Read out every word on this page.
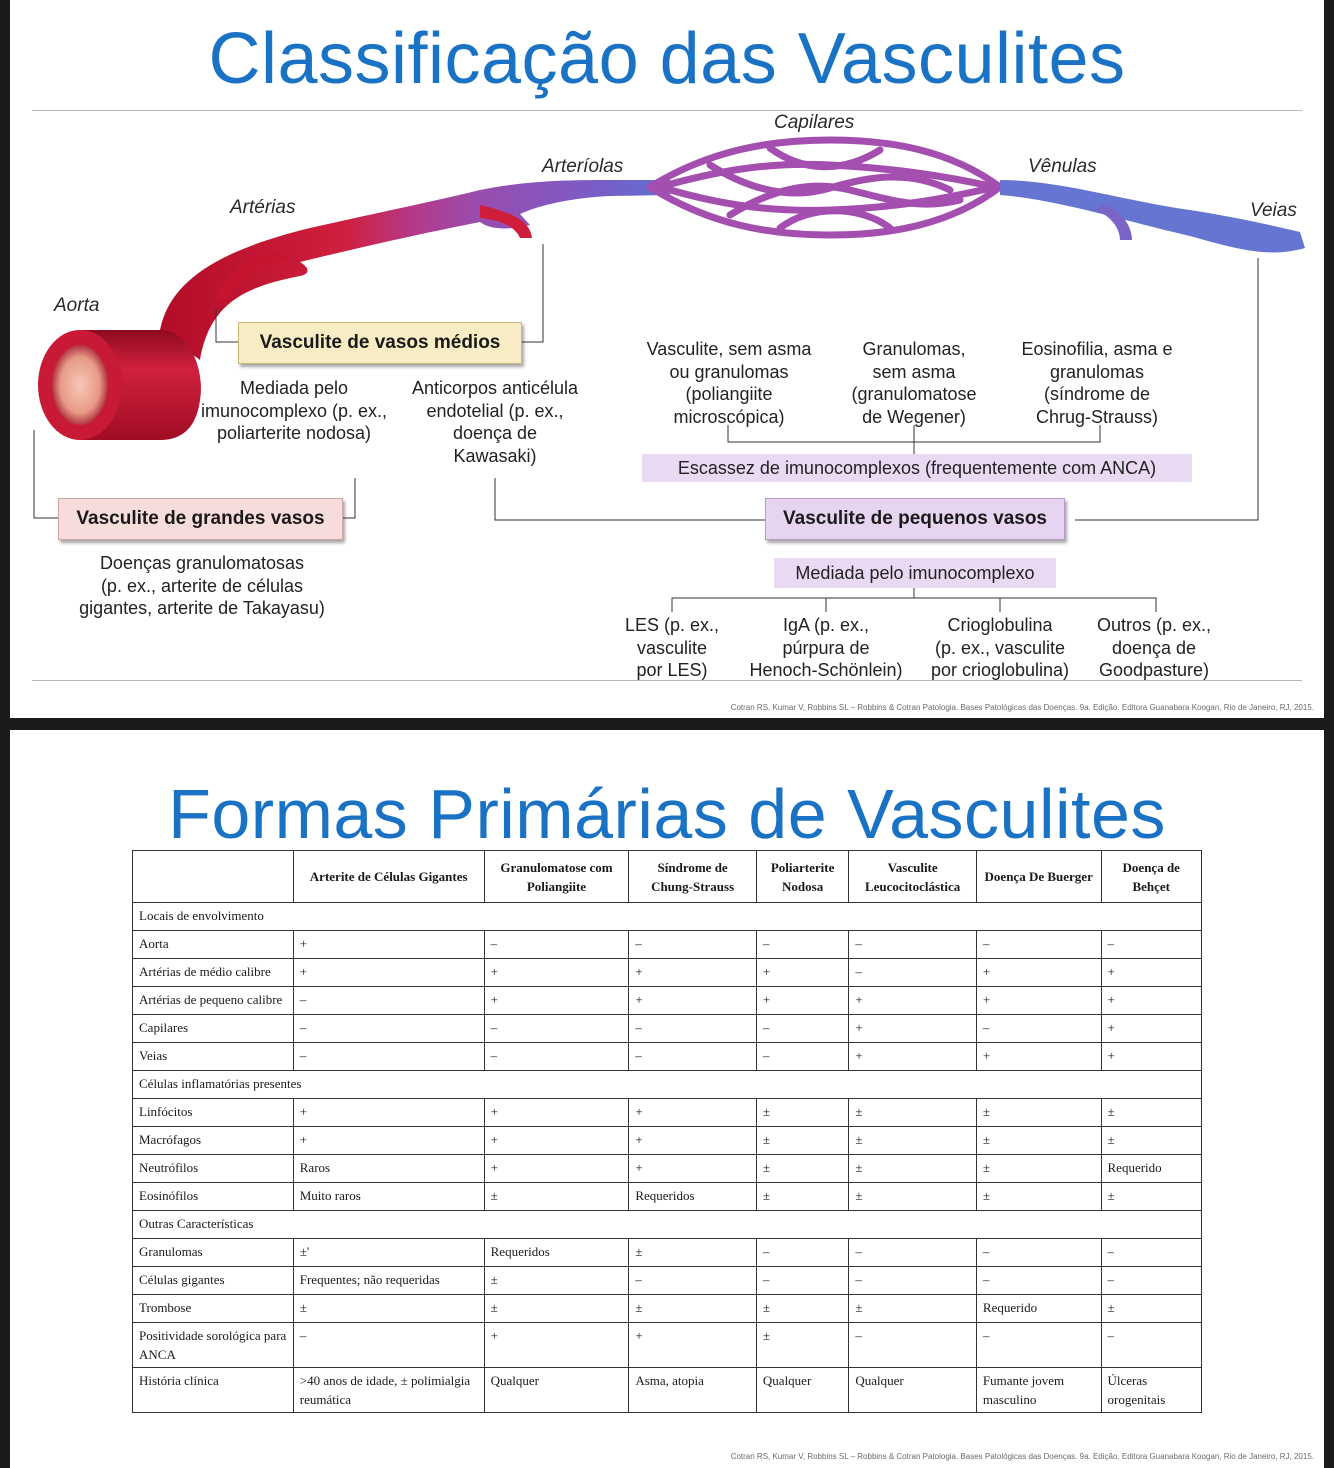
Classificação das Vasculites
Aorta
Artérias
Arteríolas
Capilares
Vênulas
Veias
Vasculite de vasos médios
Mediada pelo
imunocomplexo (p. ex.,
poliarterite nodosa)
Anticorpos anticélula
endotelial (p. ex.,
doença de
Kawasaki)
Vasculite de grandes vasos
Doenças granulomatosas
(p. ex., arterite de células
gigantes, arterite de Takayasu)
Vasculite, sem asma
ou granulomas
(poliangiite
microscópica)
Granulomas,
sem asma
(granulomatose
de Wegener)
Eosinofilia, asma e
granulomas
(síndrome de
Chrug-Strauss)
Escassez de imunocomplexos (frequentemente com ANCA)
Vasculite de pequenos vasos
Mediada pelo imunocomplexo
LES (p. ex.,
vasculite
por LES)
IgA (p. ex.,
púrpura de
Henoch-Schönlein)
Crioglobulina
(p. ex., vasculite
por crioglobulina)
Outros (p. ex.,
doença de
Goodpasture)
Cotran RS, Kumar V, Robbins SL – Robbins & Cotran Patologia. Bases Patológicas das Doenças. 9a. Edição. Editora Guanabara Koogan, Rio de Janeiro, RJ, 2015.
Formas Primárias de Vasculites
	Arterite de Células Gigantes	Granulomatose com Poliangiite	Síndrome de Chung-Strauss	Poliarterite Nodosa	Vasculite Leucocitoclástica	Doença De Buerger	Doença de Behçet
Locais de envolvimento							
Aorta	+	–	–	–	–	–	–
Artérias de médio calibre	+	+	+	+	–	+	+
Artérias de pequeno calibre	–	+	+	+	+	+	+
Capilares	–	–	–	–	+	–	+
Veias	–	–	–	–	+	+	+
Células inflamatórias presentes							
Linfócitos	+	+	+	±	±	±	±
Macrófagos	+	+	+	±	±	±	±
Neutrófilos	Raros	+	+	±	±	±	Requerido
Eosinófilos	Muito raros	±	Requeridos	±	±	±	±
Outras Características							
Granulomas	±'	Requeridos	±	–	–	–	–
Células gigantes	Frequentes; não requeridas	±	–	–	–	–	–
Trombose	±	±	±	±	±	Requerido	±
Positividade sorológica para ANCA	–	+	+	±	–	–	–
História clínica	>40 anos de idade, ± polimialgia reumática	Qualquer	Asma, atopia	Qualquer	Qualquer	Fumante jovem masculino	Úlceras orogenitais
Cotran RS, Kumar V, Robbins SL – Robbins & Cotran Patologia. Bases Patológicas das Doenças. 9a. Edição. Editora Guanabara Koogan, Rio de Janeiro, RJ, 2015.
